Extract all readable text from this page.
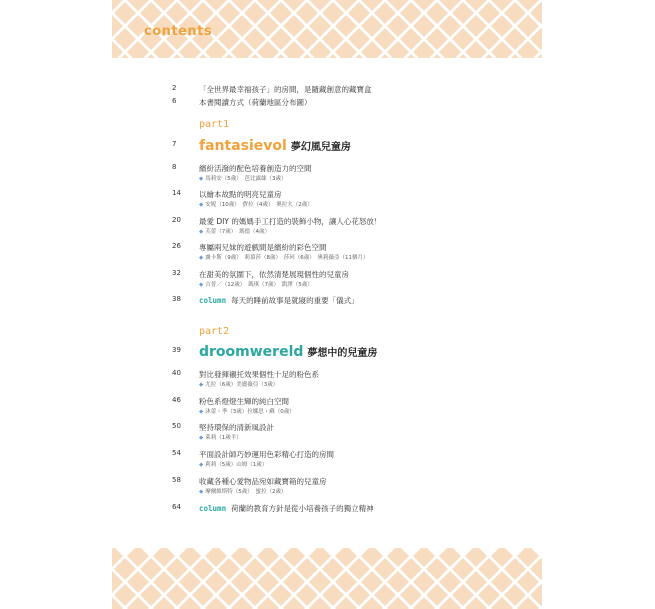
contents
2	「全世界最幸福孩子」的房間，是隨藏創意的藏寶盒
6	本書閱讀方式（荷蘭地區分布圖）
part1
7	fantasievol 夢幻風兒童房
8	繽紛活潑的配色培養創造力的空間
◆ 馬莉安（5歲）　芭比露絲（3歲）
14	以繪本故點的明亮兒童房
◆ 安妮（10歲）　費拉（4歲）　奧拉夫（2歲）
20	最愛 DIY 的媽媽手工打造的裝飾小物，讓人心花怒放！
◆ 芙蕾（7歲）　瑪德（4歲）
26	專屬兩兄妹的遊戲間是繽紛的彩色空間
◆ 盧卡斯（9歲）　莉慕莎（8歲）　莎珂（6歲）　奧莉薇亞（11個月）
32	在甜美的氛圍下，依然清楚展現個性的兒童房
◆ 吉普／（12歲）　瑪琪（7歲）　凱澤（5歲）
38	column 每天的睡前故事是就寢的重要「儀式」
part2
39	droomwereld 夢想中的兒童房
40	對比發揮襯托效果個性十足的粉色系
◆ 尤拉（6歲）美麗薇亞（3歲）
46	粉色系燈燈生輝的純白空間
◆ 沐蕾・季（3歲）拉娜思・蘇（0歲）
50	堅持環保的清新風設計
◆ 萊莉（1歲半）
54	平面設計師巧妙運用色彩精心打造的房間
◆ 莉莉（5歲）山姆（1歲）
58	收藏各種心愛物品宛如藏寶箱的兒童房
◆ 摩爾維斯特（5歲）　蜜拉（2歲）
64	column 荷蘭的教育方針是從小培養孩子的獨立精神
